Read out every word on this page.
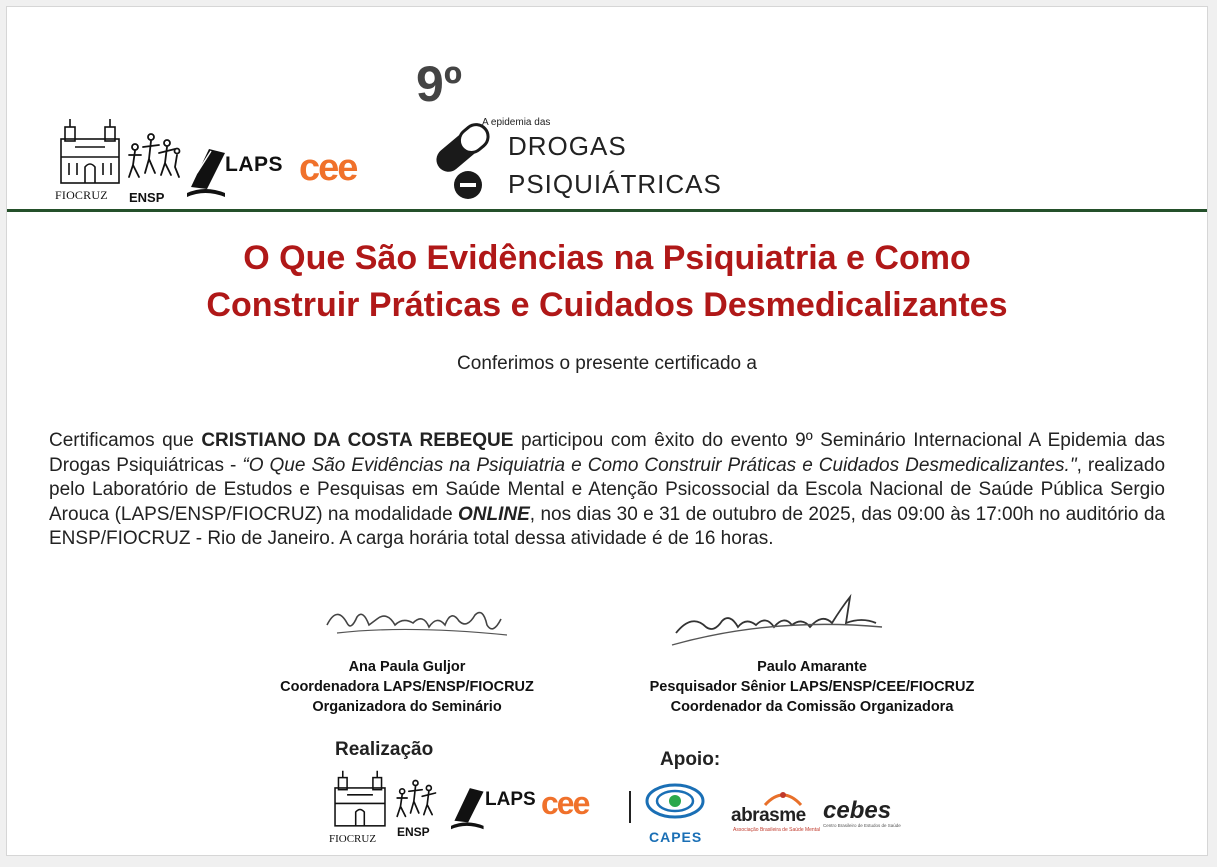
FIOCRUZ ENSP
LAPS cee
9º
A epidemia das
DROGAS
PSIQUIÁTRICAS
O Que São Evidências na Psiquiatria e Como
Construir Práticas e Cuidados Desmedicalizantes
Conferimos o presente certificado a
Certificamos que CRISTIANO DA COSTA REBEQUE participou com êxito do evento 9º Seminário Internacional A Epidemia das Drogas Psiquiátricas - “O Que São Evidências na Psiquiatria e Como Construir Práticas e Cuidados Desmedicalizantes.", realizado pelo Laboratório de Estudos e Pesquisas em Saúde Mental e Atenção Psicossocial da Escola Nacional de Saúde Pública Sergio Arouca (LAPS/ENSP/FIOCRUZ) na modalidade ONLINE, nos dias 30 e 31 de outubro de 2025, das 09:00 às 17:00h no auditório da ENSP/FIOCRUZ - Rio de Janeiro. A carga horária total dessa atividade é de 16 horas.
Ana Paula Guljor
Coordenadora LAPS/ENSP/FIOCRUZ
Organizadora do Seminário
Paulo Amarante
Pesquisador Sênior LAPS/ENSP/CEE/FIOCRUZ
Coordenador da Comissão Organizadora
Realização	Apoio:
FIOCRUZ ENSP
LAPS cee
CAPES
abrasme
Associação Brasileira de Saúde Mental
cebes
Centro Brasileiro de Estudos de Saúde
